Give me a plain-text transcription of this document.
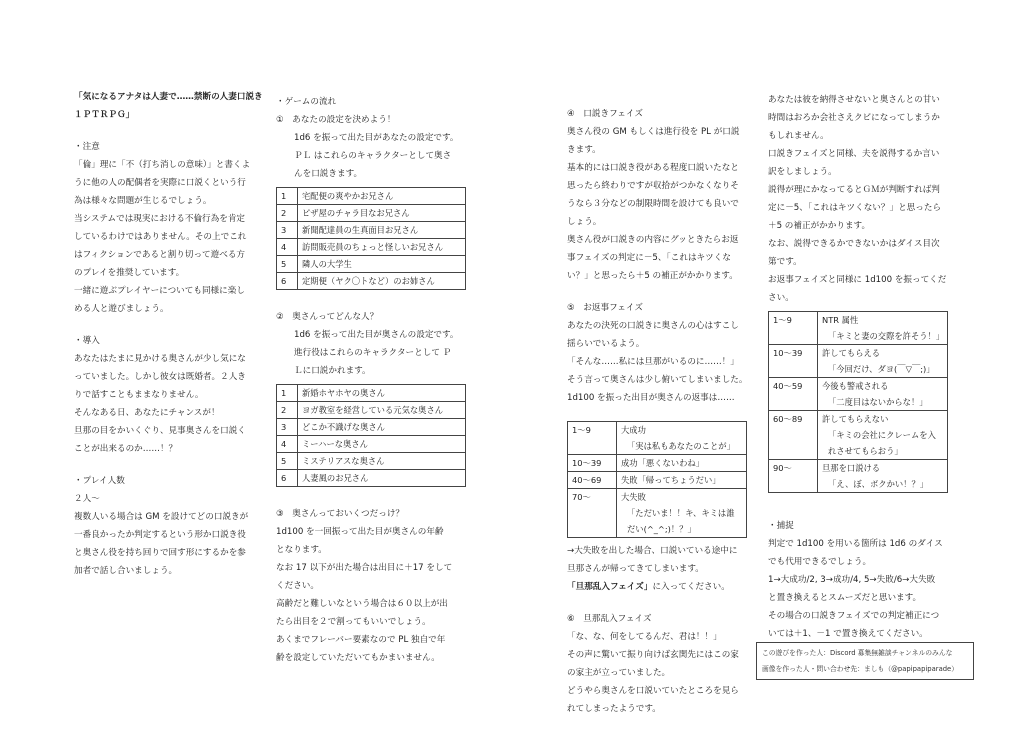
「気になるアナタは人妻で……禁断の人妻口説き１ＰＴＲＰＧ」

・注意

「倫」理に「不（打ち消しの意味）」と書くよ

うに他の人の配偶者を実際に口説くという行

為は様々な問題が生じるでしょう。

当システムでは現実における不倫行為を肯定

しているわけではありません。その上でこれ

はフィクションであると割り切って遊べる方

のプレイを推奨しています。

一緒に遊ぶプレイヤーについても同様に楽し

める人と遊びましょう。

・導入

あなたはたまに見かける奥さんが少し気にな

っていました。しかし彼女は既婚者。２人き

りで話すこともままなりません。

そんなある日、あなたにチャンスが！

旦那の目をかいくぐり、見事奥さんを口説く

ことが出来るのか……！？

・プレイ人数

２人～

複数人いる場合は GM を設けてどの口説きが

一番良かったか判定するという形か口説き役

と奥さん役を持ち回りで回す形にするかを参

加者で話し合いましょう。

・ゲームの流れ

①　あなたの設定を決めよう！

1d6 を振って出た目があなたの設定です。

ＰＬ はこれらのキャラクターとして奥さ

んを口説きます。

1	宅配便の爽やかお兄さん
2	ピザ屋のチャラ目なお兄さん
3	新聞配達員の生真面目お兄さん
4	訪問販売員のちょっと怪しいお兄さん
5	隣人の大学生
6	定期便（ヤク〇トなど）のお姉さん

②　奥さんってどんな人？

1d6 を振って出た目が奥さんの設定です。

進行役はこれらのキャラクターとして Ｐ

Ｌに口説かれます。

1	新婚ホヤホヤの奥さん
2	ヨガ教室を経営している元気な奥さん
3	どこか不識げな奥さん
4	ミーハーな奥さん
5	ミステリアスな奥さん
6	人妻風のお兄さん

③　奥さんっておいくつだっけ？

1d100 を一回振って出た目が奥さんの年齢

となります。

なお 17 以下が出た場合は出目に＋17 をして

ください。

高齢だと難しいなという場合は６０以上が出

たら出目を２で割ってもいいでしょう。

あくまでフレーバー要素なので PL 独自で年

齢を設定していただいてもかまいません。

④　口説きフェイズ

奥さん役の GM もしくは進行役を PL が口説

きます。

基本的には口説き役がある程度口説いたなと

思ったら終わりですが収拾がつかなくなりそ

うなら３分などの制限時間を設けても良いで

しょう。

奥さん役が口説きの内容にグッときたらお返

事フェイズの判定に－5、「これはキツくな

い？」と思ったら＋5 の補正がかかります。

⑤　お返事フェイズ

あなたの決死の口説きに奥さんの心はすこし

揺らいでいるよう。

「そんな……私には旦那がいるのに……！」

そう言って奥さんは少し俯いてしまいました。

1d100 を振った出目が奥さんの返事は……

1～9	大成功
「実は私もあなたのことが」

10～39	成功「悪くないわね」

40～69	失敗「帰ってちょうだい」

70～	大失敗
「ただいま！！キ、キミは誰だい(^_^;)！？」

→大失敗を出した場合、口説いている途中に

旦那さんが帰ってきてしまいます。

「旦那乱入フェイズ」に入ってください。

⑥　旦那乱入フェイズ

「な、な、何をしてるんだ、君は！！」

その声に驚いて振り向けば玄関先にはこの家

の家主が立っていました。

どうやら奥さんを口説いていたところを見ら

れてしまったようです。

あなたは彼を納得させないと奥さんとの甘い

時間はおろか会社さえクビになってしまうか

もしれません。

口説きフェイズと同様、夫を説得するか言い

訳をしましょう。

説得が理にかなってるとＧＭが判断すれば判

定に－5、「これはキツくない？」と思ったら

＋5 の補正がかかります。

なお、説得できるかできないかはダイス目次

第です。

お返事フェイズと同様に 1d100 を振ってくだ

さい。

1～9	NTR 属性
「キミと妻の交際を許そう！」

10～39	許してもらえる
「今回だけ、ダヨ(￣▽￣;)」

40～59	今後も警戒される
「二度目はないからな！」

60～89	許してもらえない
「キミの会社にクレームを入れさせてもらおう」

90～	旦那を口説ける
「え、ぼ、ボクかい！？」

・捕捉

判定で 1d100 を用いる箇所は 1d6 のダイス

でも代用できるでしょう。

1→大成功/2, 3→成功/4, 5→失敗/6→大失敗

と置き換えるとスムーズだと思います。

その場合の口説きフェイズでの判定補正につ

いては＋1、－1 で置き換えてください。

この遊びを作った人：Discord 募集無雑談チャンネルのみんな
画像を作った人・問い合わせ先：ましも（@papipapiparade）
